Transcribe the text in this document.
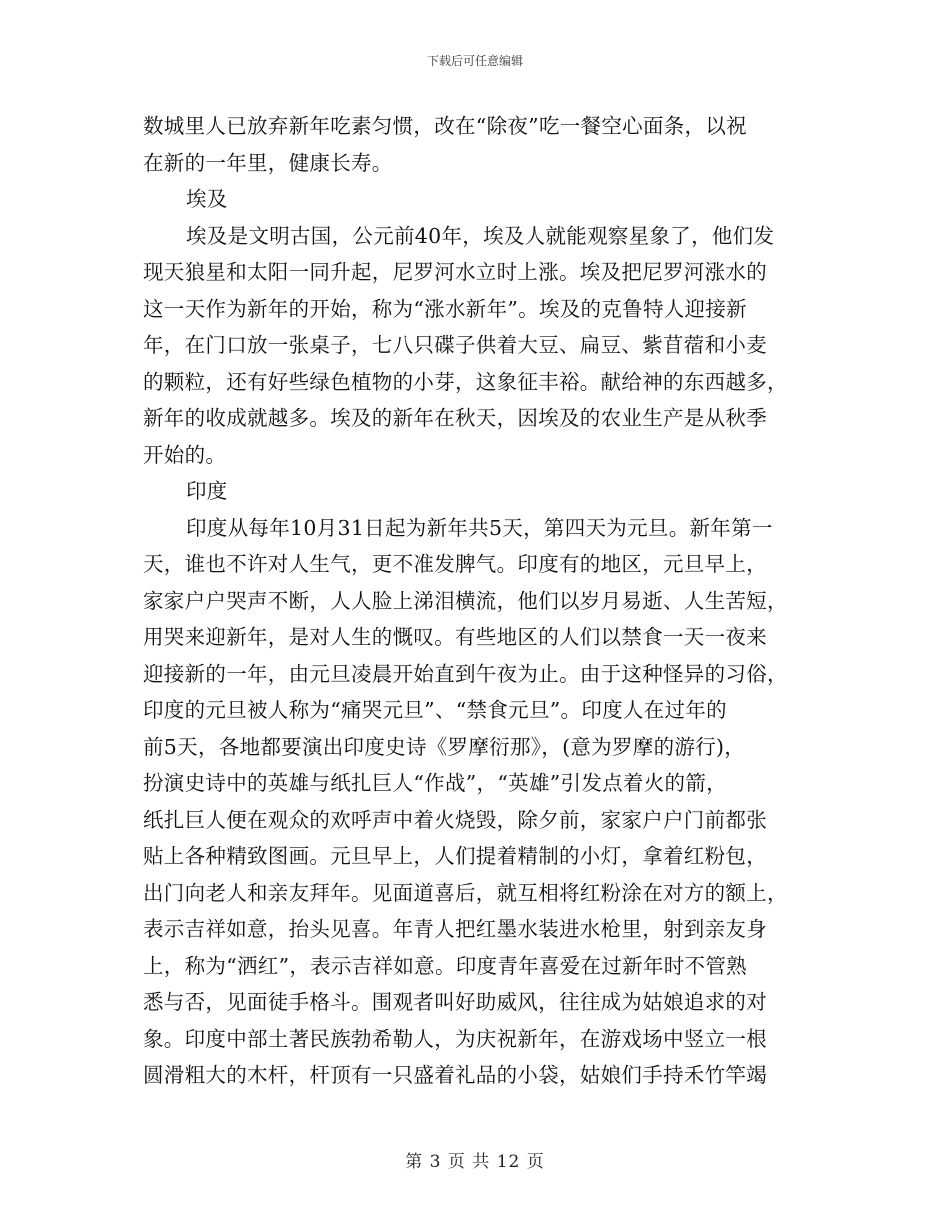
下载后可任意编辑
数城里人已放弃新年吃素匀惯，改在“除夜”吃一餐空心面条，以祝
在新的一年里，健康长寿。
埃及
埃及是文明古国，公元前40年，埃及人就能观察星象了，他们发
现天狼星和太阳一同升起，尼罗河水立时上涨。埃及把尼罗河涨水的
这一天作为新年的开始，称为“涨水新年”。埃及的克鲁特人迎接新
年，在门口放一张桌子，七八只碟子供着大豆、扁豆、紫苜蓿和小麦
的颗粒，还有好些绿色植物的小芽，这象征丰裕。献给神的东西越多，
新年的收成就越多。埃及的新年在秋天，因埃及的农业生产是从秋季
开始的。
印度
印度从每年10月31日起为新年共5天，第四天为元旦。新年第一
天，谁也不许对人生气，更不准发脾气。印度有的地区，元旦早上，
家家户户哭声不断，人人脸上涕泪横流，他们以岁月易逝、人生苦短，
用哭来迎新年，是对人生的慨叹。有些地区的人们以禁食一天一夜来
迎接新的一年，由元旦凌晨开始直到午夜为止。由于这种怪异的习俗，
印度的元旦被人称为“痛哭元旦”、“禁食元旦”。印度人在过年的
前5天，各地都要演出印度史诗《罗摩衍那》，(意为罗摩的游行)，
扮演史诗中的英雄与纸扎巨人“作战”，“英雄”引发点着火的箭，
纸扎巨人便在观众的欢呼声中着火烧毁，除夕前，家家户户门前都张
贴上各种精致图画。元旦早上，人们提着精制的小灯，拿着红粉包，
出门向老人和亲友拜年。见面道喜后，就互相将红粉涂在对方的额上，
表示吉祥如意，抬头见喜。年青人把红墨水装进水枪里，射到亲友身
上，称为“洒红”，表示吉祥如意。印度青年喜爱在过新年时不管熟
悉与否，见面徒手格斗。围观者叫好助威风，往往成为姑娘追求的对
象。印度中部土著民族勃希勒人，为庆祝新年，在游戏场中竖立一根
圆滑粗大的木杆，杆顶有一只盛着礼品的小袋，姑娘们手持禾竹竿竭
第 3 页 共 12 页
